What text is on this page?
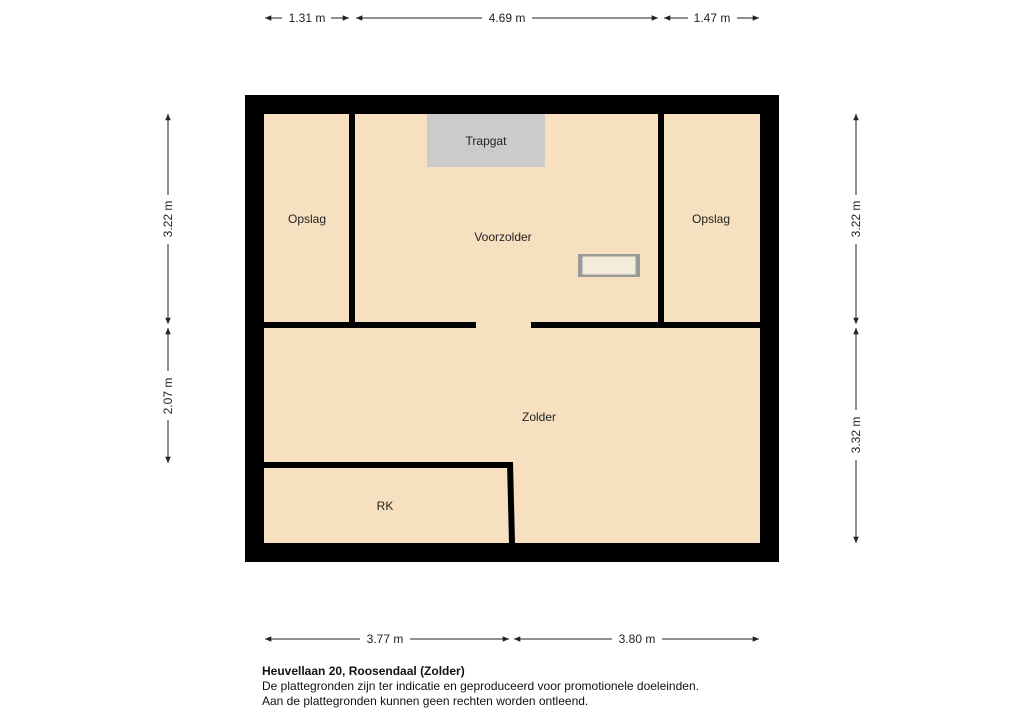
Opslag
Trapgat
Voorzolder
Opslag
Zolder
RK
1.31 m	4.69 m	1.47 m
3.77 m	3.80 m
3.22 m
2.07 m
3.22 m
3.32 m
Heuvellaan 20, Roosendaal (Zolder)
De plattegronden zijn ter indicatie en geproduceerd voor promotionele doeleinden.
Aan de plattegronden kunnen geen rechten worden ontleend.
